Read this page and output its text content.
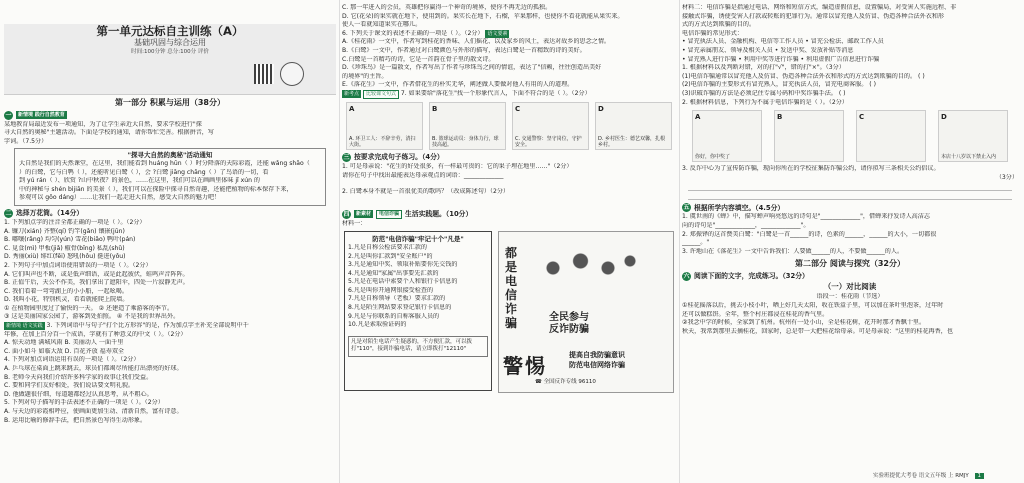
第一单元达标自主训练（A）
基础巩固与综合运用
时间:100分钟 总分:100分 评价
第一部分 积累与运用（38分）
一	新情境 践行自然教育
某地教育局最近发布一项通知，为了让学生亲近大自然，要求学校进行"探
寻大自然的奥秘"主题活动。下面是学校的通知，请你帮忙完善。根据拼音，写
字词。（7.5分）
"探寻大自然的奥秘"活动通知
大自然是我们的天然课堂，在这里，我们能看到 huáng hūn（ ）时分降落的天际彩霞，还能 wǎng shāo（
）的白鹭，它与白鸭（ ），还能听见白鹭（ ），会 ?白鹭 jiāng chāng（ ）了鸟语的一切，看
到 yú rán（ ）、欣赏 ?山中秋夜？的景色，……在这里，我们可以在画画里体味 jǐ xún 的
中的神秘与 shén bìjiān 的美景（ ），我们可以在探险中探寻自然奇趣，还能把植物的标本保存下来，
参观可以 gōo dáng）……让我们一起走进大自然，感受大自然的魅力吧！
二 选择万花筒。（14分）
1. 下列加点字的注音全都正确的一项是（ ）。（2分）
A. 镰刀(xián) 齐整(qí) 钓竿(gǎn) 镶嵌(jūn)
B. 嘟嚷(rǎng) 均匀(yún) 雪花(biǎo) 鸭叶(pán)
C. 觅食(mì) 甲板(jiǎ) 椒骨(bīng) 私乱(shǔ)
D. 秀丽(xiù) 绯红(fēi) 怒吼(hǒu) 挺进(yǒu)
2. 下列句子中加点词语使用错误的一项是（ ）。（2分）
A. 它们叫声也不断，或是低声细语，或是此起彼伏，蛙鸣声音阵阵。
B. 正值午后，天公不作美，我们拿出了遮阳伞，四处一片寂静无声。
C. 我们看着一弯弯湖上的小小船，一起吆喝。
D. 我叫小花，特别机灵，看看就能爬上院墙。
① 在植物园里度过了愉快的一天。 ② 还建造了乘游客的季节。
③ 这是美丽国家公园了，游客到处拍照。 ④ 不是我的世界出外。
新情境 语文实践 3. 下列词语中与句子"打个比方形容"的是，作为加点字主补充全部说明中千
年修，在加上百分百一个成语，字就有了种意义的中文（ ）。（2分）
A. 惊天动地 满城风雨 B. 美丽动人 一面千里
C. 面小如斗 如临大敌 D. 百花齐放 福寿双全
4. 下列对加点词语运用有误的一项是（ ）。（2分）
A. 乒乓球在桌面上跳来跳去，球员们都竭尽所能打出漂亮的好球。
B. 老师今天向我们介绍许多科学家的故事让我们受益。
C. 要和同学们友好相处，我们说话要文明礼貌。
D. 他做题很仔细，每道题都经过认真思考，从不粗心。
5. 下列对句子描写的手法表述不正确的一项是（ ）。（2分）
A. 与天边的彩霞相呼应，使画面更加生动、清新自然，富有诗意。
B. 运用比喻的修辞手法，把自然景色写得生动形象。
C. 那一年进入的会员，英雄把你赢得一个神奇的境界，使你不再无边的孤独。
D. 它(花朵)的果实就在地下，使用到的。果实长在地下，石榴，苹果那样，也使你不看花就能从果实来。
使人一看就知道果实在哪儿。
6. 下列关于课文的表述不正确的一项是（ ）。（2分） 语文要素
A.《桂花雨》一文中，作者写到桂花的香味、人们摇花、以及家乡的风土，表达对故乡的思念之情。
B.《白鹭》一文中，作者通过对白鹭颜色与外形的描写，表达白鹭是一首精致的诗的美好。
C.白鹭是一首精巧的诗，它是一首韵在骨子里的散文诗。
D.《珍珠鸟》是一篇散文，作者写出了作者与珍珠鸟之间的情谊，表达了"信赖，往往创造出美好
的境界"的主旨。
E.《落花生》一文中，作者借花生的朴实无华，阐述做人要做对他人有用的人的道理。
新考点 比较课文句式 7. 如果要给"落花生"找一个形象代言人，下面不符合的是（ ）。（2分）
A
A. 环卫工人：不辞辛劳，清扫大街。
B
B. 篮球运动员：身体力行，球技高超。
C
C. 交通警察：坚守岗位，守护安全。
D
D. 乡村医生：德艺双馨，扎根乡村。
三 按要求完成句子练习。（4分）
1. 可是母亲说："花生的好处很多，有一样最可贵的：它的果子埋在地里……"（2分）
请你在句子中找出最能表达母亲观点的词语：_____________
2. 白鹭本身不就是一首很优美的歌吗？（改成陈述句）（2分）
四	新素材	电信诈骗 生活实践题。（10分）
材料一：
防范"电信诈骗"牢记十个"凡是"
1.凡是自称公检法要求汇款的
2.凡是叫你汇款到"安全账户"的
3.凡是通知中奖、领取补贴要你先交钱的
4.凡是通知"家属"出事要先汇款的
5.凡是在电话中索要个人和银行卡信息的
6.凡是叫你开通网银接受检查的
7.凡是自称领导（老板）要求汇款的
8.凡是陌生网站要求登记银行卡信息的
9.凡是与你联系的自称客服人员的
10.凡是索取验证码的
凡是对陌生电话产生疑惑的，不方便汇款，可以拨打"110"，接到诈骗电话，请立即拨打"12110"
都是电信诈骗	全民参与
反诈防骗
警惕	提高自我防骗意识
防范电信网络诈骗
☎ 全国反诈专线 96110
材料二：电信诈骗是指通过电话、网络和短信方式，编造虚假信息，设置骗局，对受害人实施远程、非
接触式诈骗，诱使受害人打款或转账的犯罪行为。通常以冒充他人及仿冒、伪造各种合法外衣和形
式的方式达到欺骗的目的。
电信诈骗的常见形式：
• 冒充执法人员、金融机构、电信等工作人员 • 冒充公检法、邮政工作人员
• 冒充亲属朋友、领导及相关人员 • 发送中奖、发放补贴等消息
• 冒充熟人进行诈骗 • 利用中奖等进行诈骗 • 利用虚假广告信息进行诈骗
1. 根据材料以及判断对错，对的打"√"，错的打"×"。（3分）
(1)电信诈骗通常以冒充他人及仿冒、伪造各种合法外衣和形式的方式达到欺骗的目的。 ( )
(2)电信诈骗的主要形式有冒充熟人，冒充执法人员，冒充电商客服。 ( )
(3)识破诈骗的方法是必须记住专属号码和中奖诈骗手法。 ( )
2. 根据材料信息，下列行为不属于电信诈骗的是（ ）。（2分）
A
你好，你中奖了
B	C	D
本店十八岁以下禁止入内
3. 反诈中心为了宣传防诈骗，现向你所在的学校征集防诈骗公约，请你拟写三条相关公约倡议。
（3分）
五 根据所学内容填空。（4.5分）
1. 虞世南的《蝉》中，描写蝉声响亮悠远的诗句是"_____________"，借蝉来抒发诗人高洁志
向的诗句是"_____________，_____________"。
2. 郑振铎的这首赞美白鹭："白鹭是一首______的诗，色素的______，______的大小，一切都很
______。"
3. 许地山在《落花生》一文中告诉我们：人要做______的人，不要做______的人。
第二部分 阅读与探究（32分）
六 阅读下面的文字，完成练习。（32分）
（一）对比阅读
语段一：桂花雨（节选）
①桂花摇落以后，挑去小枝小叶，晒上好几天太阳，收在铁盒子里，可以加在茶叶里泡茶，过年时
还可以做糕饼。全年，整个村庄都浸在桂花的香气里。
②我念中学的时候，全家到了杭州。杭州有一处小山，全是桂花树，花开时那才香飘十里。
秋天，我常到那里去摘桂花，回家时，总是带一大把桂花给母亲。可是母亲说："这里的桂花再香，也
实验班提优大考卷 语文五年级 上 RMJY 1
